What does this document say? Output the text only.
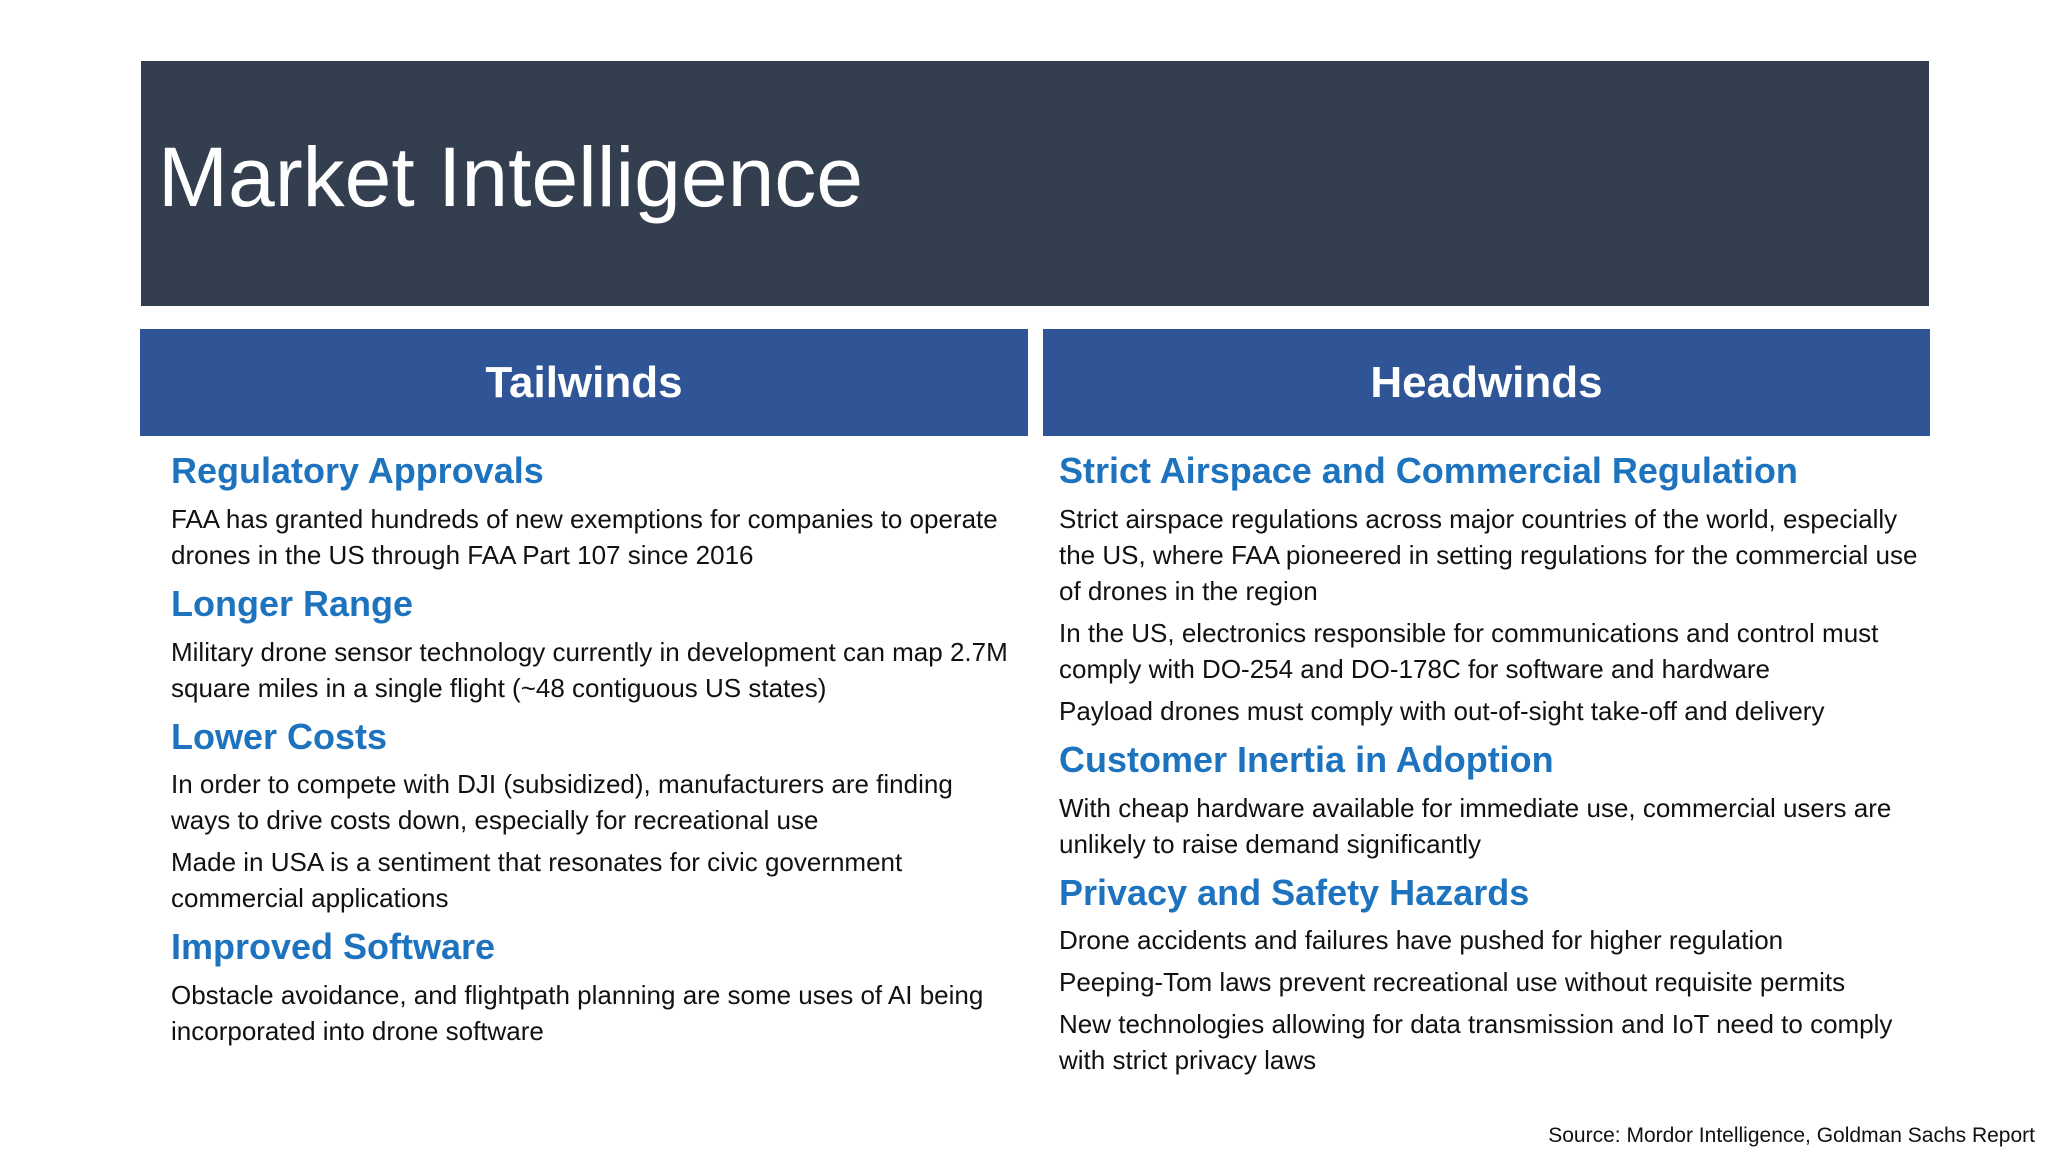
Market Intelligence
Tailwinds	Headwinds
Regulatory Approvals
FAA has granted hundreds of new exemptions for companies to operate drones in the US through FAA Part 107 since 2016
Longer Range
Military drone sensor technology currently in development can map 2.7M square miles in a single flight (~48 contiguous US states)
Lower Costs
In order to compete with DJI (subsidized), manufacturers are finding ways to drive costs down, especially for recreational use
Made in USA is a sentiment that resonates for civic government commercial applications
Improved Software
Obstacle avoidance, and flightpath planning are some uses of AI being incorporated into drone software
Strict Airspace and Commercial Regulation
Strict airspace regulations across major countries of the world, especially the US, where FAA pioneered in setting regulations for the commercial use of drones in the region
In the US, electronics responsible for communications and control must comply with DO-254 and DO-178C for software and hardware
Payload drones must comply with out-of-sight take-off and delivery
Customer Inertia in Adoption
With cheap hardware available for immediate use, commercial users are unlikely to raise demand significantly
Privacy and Safety Hazards
Drone accidents and failures have pushed for higher regulation
Peeping-Tom laws prevent recreational use without requisite permits
New technologies allowing for data transmission and IoT need to comply with strict privacy laws
Source: Mordor Intelligence, Goldman Sachs Report
